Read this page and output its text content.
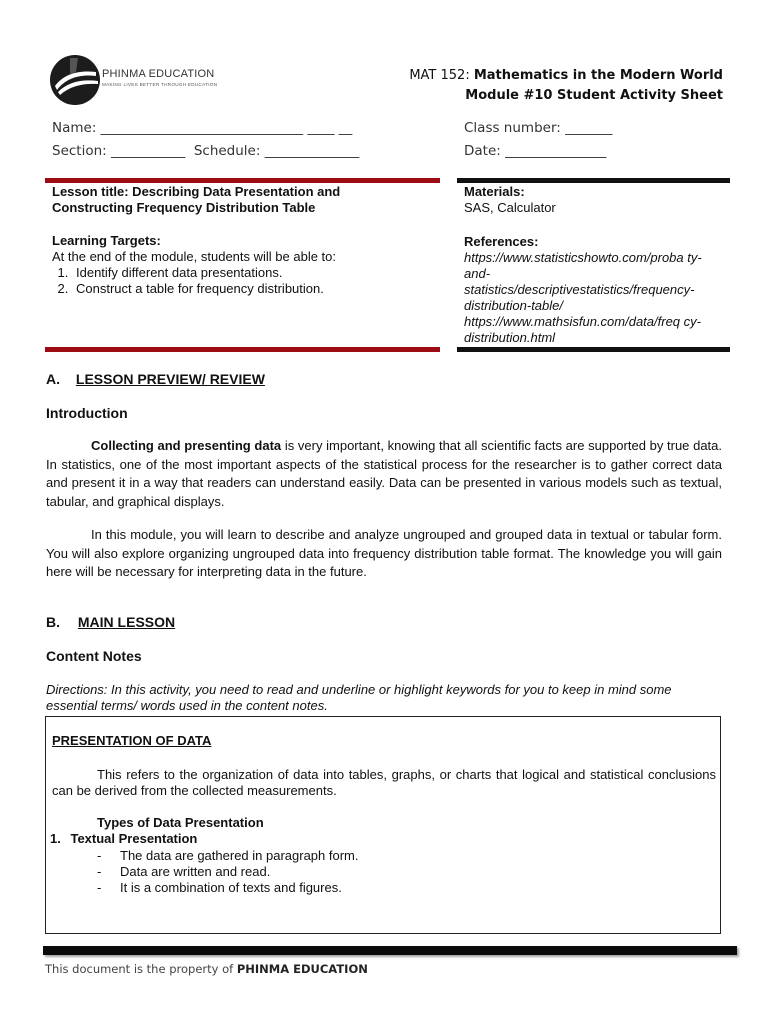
PHINMA EDUCATION
MAKING LIVES BETTER THROUGH EDUCATION
MAT 152: Mathematics in the Modern World
Module #10 Student Activity Sheet
Name: ______________________________ ____ __
Section: ___________  Schedule: ______________
Class number: _______
Date: _______________
Lesson title: Describing Data Presentation and Constructing Frequency Distribution Table
Learning Targets:
At the end of the module, students will be able to:
1. Identify different data presentations.
2. Construct a table for frequency distribution.
Materials:
SAS, Calculator
References:
https://www.statisticshowto.com/proba ty-
and-
statistics/descriptivestatistics/frequency-
distribution-table/
https://www.mathsisfun.com/data/freq cy-
distribution.html
A. LESSON PREVIEW/ REVIEW
Introduction
Collecting and presenting data is very important, knowing that all scientific facts are supported by true data. In statistics, one of the most important aspects of the statistical process for the researcher is to gather correct data and present it in a way that readers can understand easily. Data can be presented in various models such as textual, tabular, and graphical displays.
In this module, you will learn to describe and analyze ungrouped and grouped data in textual or tabular form. You will also explore organizing ungrouped data into frequency distribution table format. The knowledge you will gain here will be necessary for interpreting data in the future.
B. MAIN LESSON
Content Notes
Directions: In this activity, you need to read and underline or highlight keywords for you to keep in mind some essential terms/ words used in the content notes.
PRESENTATION OF DATA
This refers to the organization of data into tables, graphs, or charts that logical and statistical conclusions can be derived from the collected measurements.
Types of Data Presentation
1. Textual Presentation
- The data are gathered in paragraph form.
- Data are written and read.
- It is a combination of texts and figures.
This document is the property of PHINMA EDUCATION
